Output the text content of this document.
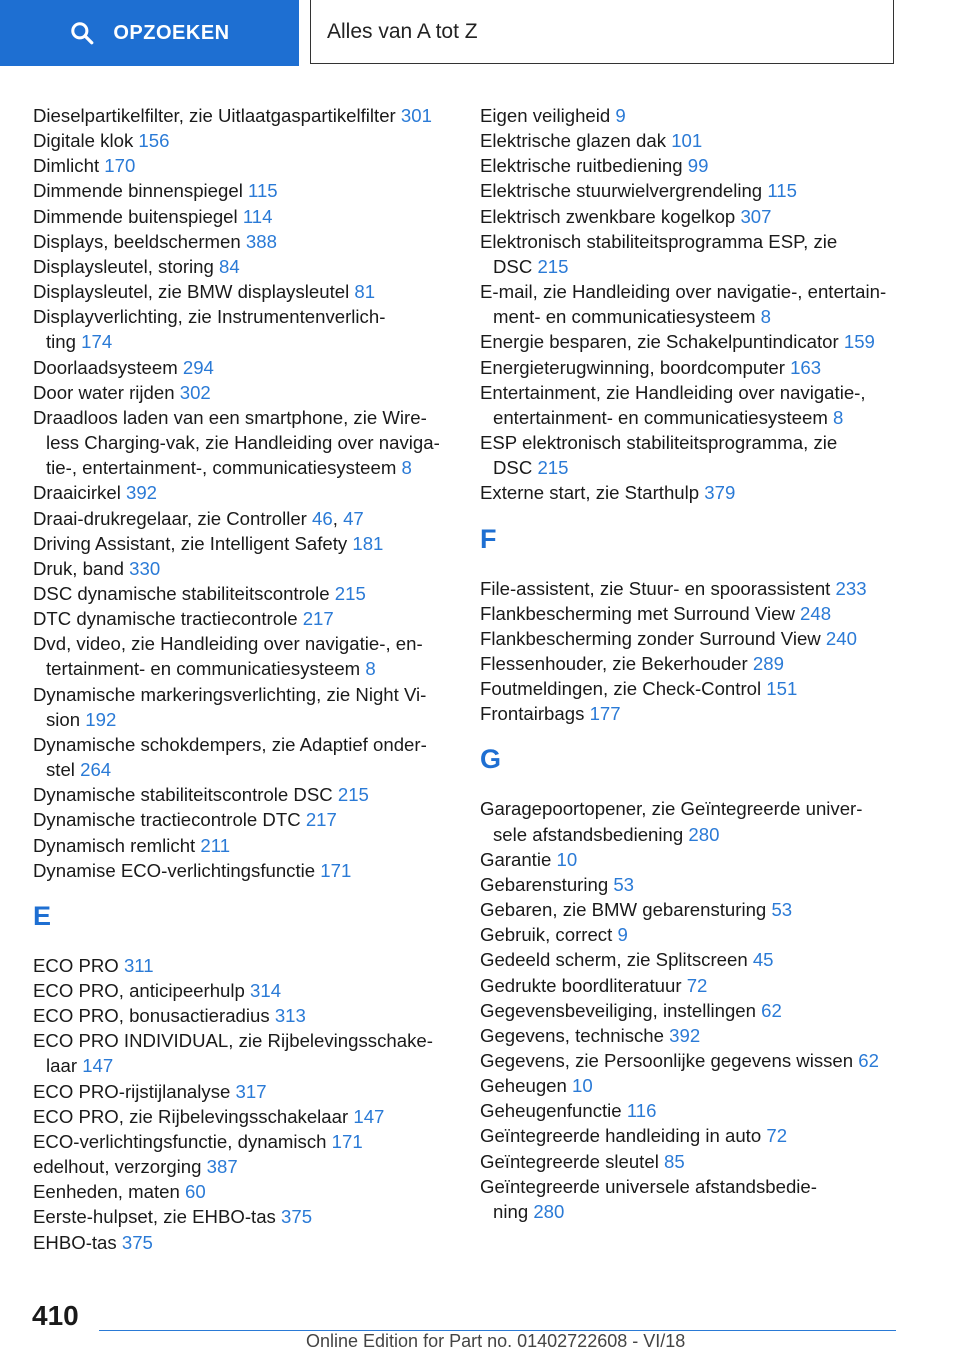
OPZOEKEN	Alles van A tot Z
Dieselpartikelfilter, zie Uitlaatgaspartikelfilter 301
Digitale klok 156
Dimlicht 170
Dimmende binnenspiegel 115
Dimmende buitenspiegel 114
Displays, beeldschermen 388
Displaysleutel, storing 84
Displaysleutel, zie BMW displaysleutel 81
Displayverlichting, zie Instrumentenverlich-
ting 174
Doorlaadsysteem 294
Door water rijden 302
Draadloos laden van een smartphone, zie Wire-
less Charging-vak, zie Handleiding over naviga-
tie-, entertainment-, communicatiesysteem 8
Draaicirkel 392
Draai-drukregelaar, zie Controller 46, 47
Driving Assistant, zie Intelligent Safety 181
Druk, band 330
DSC dynamische stabiliteitscontrole 215
DTC dynamische tractiecontrole 217
Dvd, video, zie Handleiding over navigatie-, en-
tertainment- en communicatiesysteem 8
Dynamische markeringsverlichting, zie Night Vi-
sion 192
Dynamische schokdempers, zie Adaptief onder-
stel 264
Dynamische stabiliteitscontrole DSC 215
Dynamische tractiecontrole DTC 217
Dynamisch remlicht 211
Dynamise ECO-verlichtingsfunctie 171
E
ECO PRO 311
ECO PRO, anticipeerhulp 314
ECO PRO, bonusactieradius 313
ECO PRO INDIVIDUAL, zie Rijbelevingsschake-
laar 147
ECO PRO-rijstijlanalyse 317
ECO PRO, zie Rijbelevingsschakelaar 147
ECO-verlichtingsfunctie, dynamisch 171
edelhout, verzorging 387
Eenheden, maten 60
Eerste-hulpset, zie EHBO-tas 375
EHBO-tas 375
Eigen veiligheid 9
Elektrische glazen dak 101
Elektrische ruitbediening 99
Elektrische stuurwielvergrendeling 115
Elektrisch zwenkbare kogelkop 307
Elektronisch stabiliteitsprogramma ESP, zie
DSC 215
E-mail, zie Handleiding over navigatie-, entertain-
ment- en communicatiesysteem 8
Energie besparen, zie Schakelpuntindicator 159
Energieterugwinning, boordcomputer 163
Entertainment, zie Handleiding over navigatie-,
entertainment- en communicatiesysteem 8
ESP elektronisch stabiliteitsprogramma, zie
DSC 215
Externe start, zie Starthulp 379
F
File-assistent, zie Stuur- en spoorassistent 233
Flankbescherming met Surround View 248
Flankbescherming zonder Surround View 240
Flessenhouder, zie Bekerhouder 289
Foutmeldingen, zie Check-Control 151
Frontairbags 177
G
Garagepoortopener, zie Geïntegreerde univer-
sele afstandsbediening 280
Garantie 10
Gebarensturing 53
Gebaren, zie BMW gebarensturing 53
Gebruik, correct 9
Gedeeld scherm, zie Splitscreen 45
Gedrukte boordliteratuur 72
Gegevensbeveiliging, instellingen 62
Gegevens, technische 392
Gegevens, zie Persoonlijke gegevens wissen 62
Geheugen 10
Geheugenfunctie 116
Geïntegreerde handleiding in auto 72
Geïntegreerde sleutel 85
Geïntegreerde universele afstandsbedie-
ning 280
410
Online Edition for Part no. 01402722608 - VI/18
